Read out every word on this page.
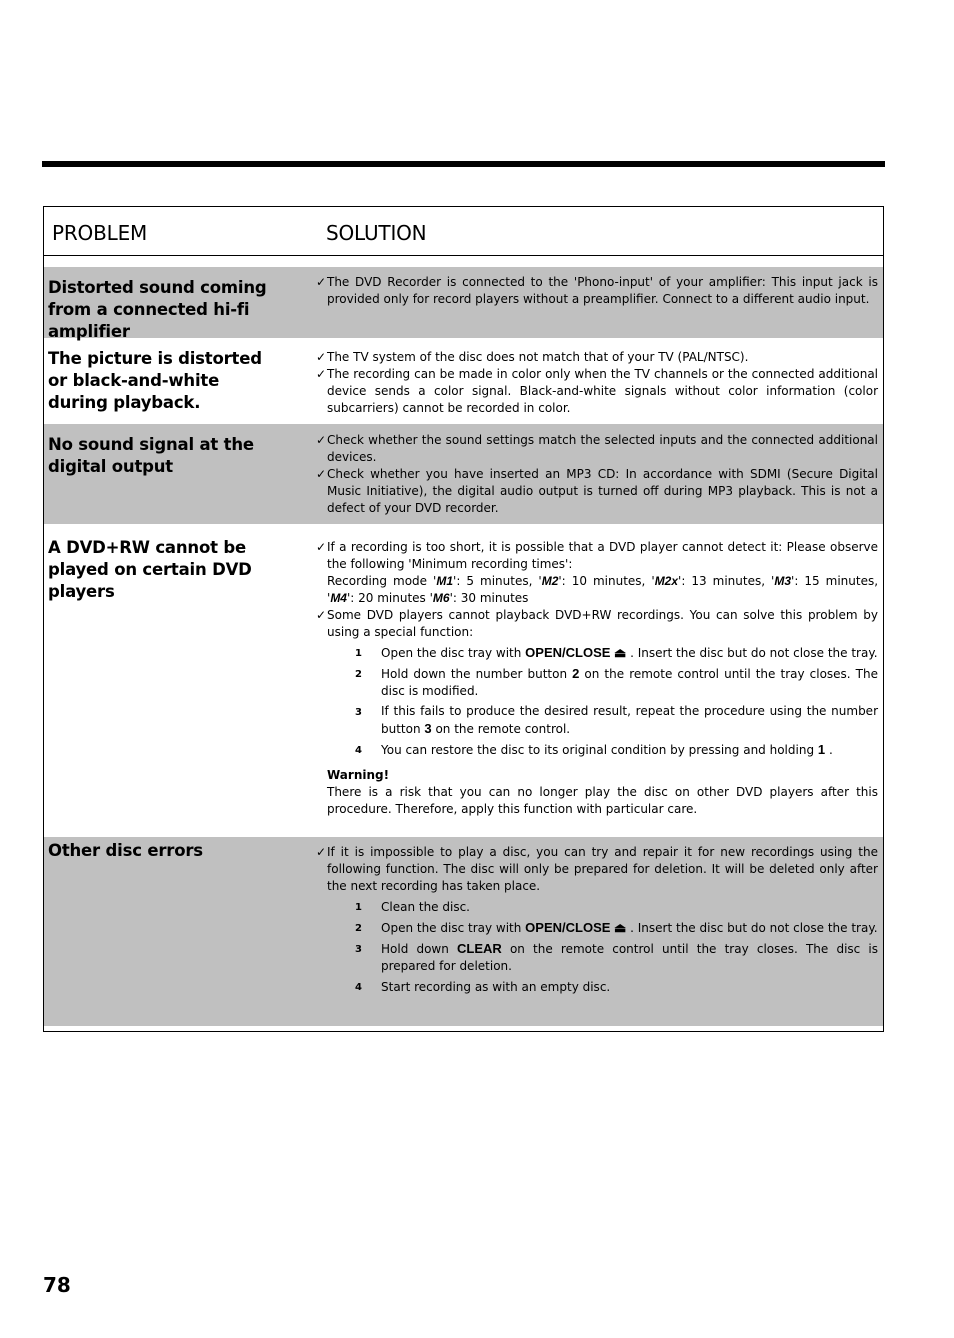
PROBLEM	SOLUTION
Distorted sound coming from a connected hi-fi amplifier
✓ The DVD Recorder is connected to the 'Phono-input' of your amplifier: This input jack is provided only for record players without a preamplifier. Connect to a different audio input.
The picture is distorted or black-and-white during playback.
✓ The TV system of the disc does not match that of your TV (PAL/NTSC).
✓ The recording can be made in color only when the TV channels or the connected additional device sends a color signal. Black-and-white signals without color information (color subcarriers) cannot be recorded in color.
No sound signal at the digital output
✓ Check whether the sound settings match the selected inputs and the connected additional devices.
✓ Check whether you have inserted an MP3 CD: In accordance with SDMI (Secure Digital Music Initiative), the digital audio output is turned off during MP3 playback. This is not a defect of your DVD recorder.
A DVD+RW cannot be played on certain DVD players
✓ If a recording is too short, it is possible that a DVD player cannot detect it: Please observe the following 'Minimum recording times':
Recording mode 'M1': 5 minutes, 'M2': 10 minutes, 'M2x': 13 minutes, 'M3': 15 minutes, 'M4': 20 minutes 'M6': 30 minutes
✓ Some DVD players cannot playback DVD+RW recordings. You can solve this problem by using a special function:
1 Open the disc tray with OPEN/CLOSE ⏏ . Insert the disc but do not close the tray.
2 Hold down the number button 2 on the remote control until the tray closes. The disc is modified.
3 If this fails to produce the desired result, repeat the procedure using the number button 3 on the remote control.
4 You can restore the disc to its original condition by pressing and holding 1 .
Warning!
There is a risk that you can no longer play the disc on other DVD players after this procedure. Therefore, apply this function with particular care.
Other disc errors	✓ If it is impossible to play a disc, you can try and repair it for new recordings using the following function. The disc will only be prepared for deletion. It will be deleted only after the next recording has taken place.
1 Clean the disc.
2 Open the disc tray with OPEN/CLOSE ⏏ . Insert the disc but do not close the tray.
3 Hold down CLEAR on the remote control until the tray closes. The disc is prepared for deletion.
4 Start recording as with an empty disc.
78
